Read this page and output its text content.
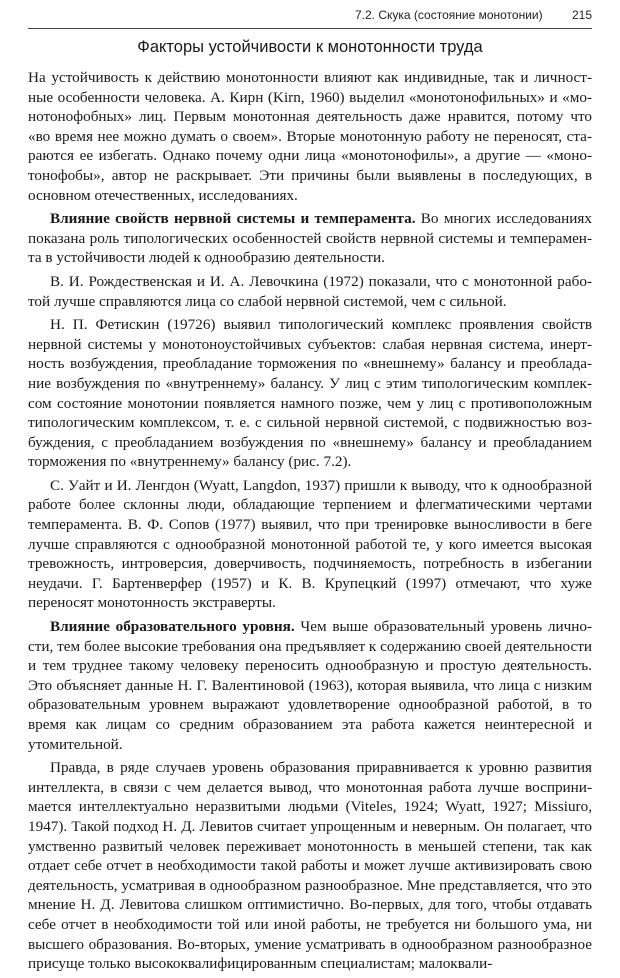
7.2. Скука (состояние монотонии) 215
Факторы устойчивости к монотонности труда

На устойчивость к действию монотонности влияют как индивидные, так и личностные особенности человека. А. Кирн (Kirn, 1960) выделил «монотонофильных» и «монотонофобных» лиц. Первым монотонная деятельность даже нравится, потому что «во время нее можно думать о своем». Вторые монотонную работу не переносят, стараются ее избегать. Однако почему одни лица «монотонофилы», а другие — «монотонофобы», автор не раскрывает. Эти причины были выявлены в последующих, в основном отечественных, исследованиях.

Влияние свойств нервной системы и темперамента. Во многих исследованиях показана роль типологических особенностей свойств нервной системы и темперамента в устойчивости людей к однообразию деятельности.

В. И. Рождественская и И. А. Левочкина (1972) показали, что с монотонной работой лучше справляются лица со слабой нервной системой, чем с сильной.

Н. П. Фетискин (19726) выявил типологический комплекс проявления свойств нервной системы у монотоноустойчивых субъектов: слабая нервная система, инертность возбуждения, преобладание торможения по «внешнему» балансу и преобладание возбуждения по «внутреннему» балансу. У лиц с этим типологическим комплексом состояние монотонии появляется намного позже, чем у лиц с противоположным типологическим комплексом, т. е. с сильной нервной системой, с подвижностью возбуждения, с преобладанием возбуждения по «внешнему» балансу и преобладанием торможения по «внутреннему» балансу (рис. 7.2).

С. Уайт и И. Ленгдон (Wyatt, Langdon, 1937) пришли к выводу, что к однообразной работе более склонны люди, обладающие терпением и флегматическими чертами темперамента. В. Ф. Сопов (1977) выявил, что при тренировке выносливости в беге лучше справляются с однообразной монотонной работой те, у кого имеется высокая тревожность, интроверсия, доверчивость, подчиняемость, потребность в избегании неудачи. Г. Бартенверфер (1957) и К. В. Крупецкий (1997) отмечают, что хуже переносят монотонность экстраверты.

Влияние образовательного уровня. Чем выше образовательный уровень личности, тем более высокие требования она предъявляет к содержанию своей деятельности и тем труднее такому человеку переносить однообразную и простую деятельность. Это объясняет данные Н. Г. Валентиновой (1963), которая выявила, что лица с низким образовательным уровнем выражают удовлетворение однообразной работой, в то время как лицам со средним образованием эта работа кажется неинтересной и утомительной.

Правда, в ряде случаев уровень образования приравнивается к уровню развития интеллекта, в связи с чем делается вывод, что монотонная работа лучше воспринимается интеллектуально неразвитыми людьми (Viteles, 1924; Wyatt, 1927; Missiuro, 1947). Такой подход Н. Д. Левитов считает упрощенным и неверным. Он полагает, что умственно развитый человек переживает монотонность в меньшей степени, так как отдает себе отчет в необходимости такой работы и может лучше активизировать свою деятельность, усматривая в однообразном разнообразное. Мне представляется, что это мнение Н. Д. Левитова слишком оптимистично. Во-первых, для того, чтобы отдавать себе отчет в необходимости той или иной работы, не требуется ни большого ума, ни высшего образования. Во-вторых, умение усматривать в однообразном разнообразное присуще только высококвалифицированным специалистам; малоквали-
